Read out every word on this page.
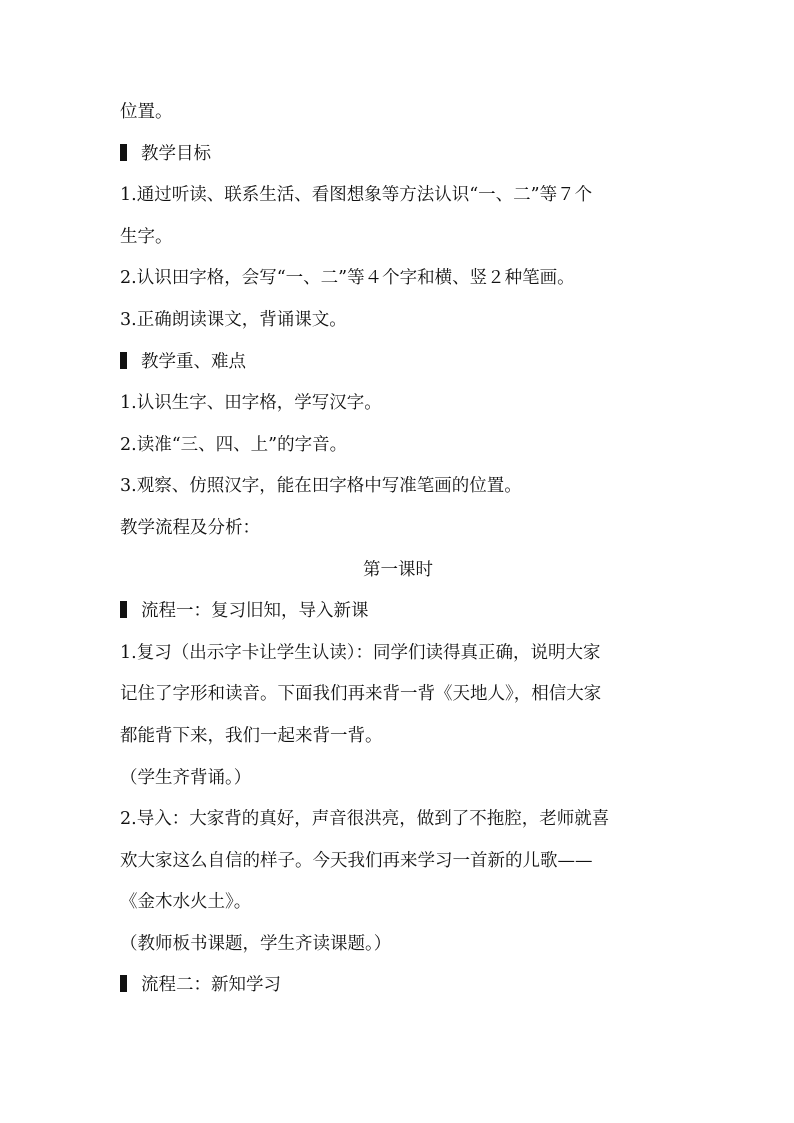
位置。

教学目标

1.通过听读、联系生活、看图想象等方法认识“一、二”等７个

生字。

2.认识田字格，会写“一、二”等４个字和横、竖２种笔画。

3.正确朗读课文，背诵课文。

教学重、难点

1.认识生字、田字格，学写汉字。

2.读准“三、四、上”的字音。

3.观察、仿照汉字，能在田字格中写准笔画的位置。

教学流程及分析：

第一课时

流程一：复习旧知，导入新课

1.复习（出示字卡让学生认读）：同学们读得真正确，说明大家

记住了字形和读音。下面我们再来背一背《天地人》，相信大家

都能背下来，我们一起来背一背。

（学生齐背诵。）

2.导入：大家背的真好，声音很洪亮，做到了不拖腔，老师就喜

欢大家这么自信的样子。今天我们再来学习一首新的儿歌——

《金木水火土》。

（教师板书课题，学生齐读课题。）

流程二：新知学习
